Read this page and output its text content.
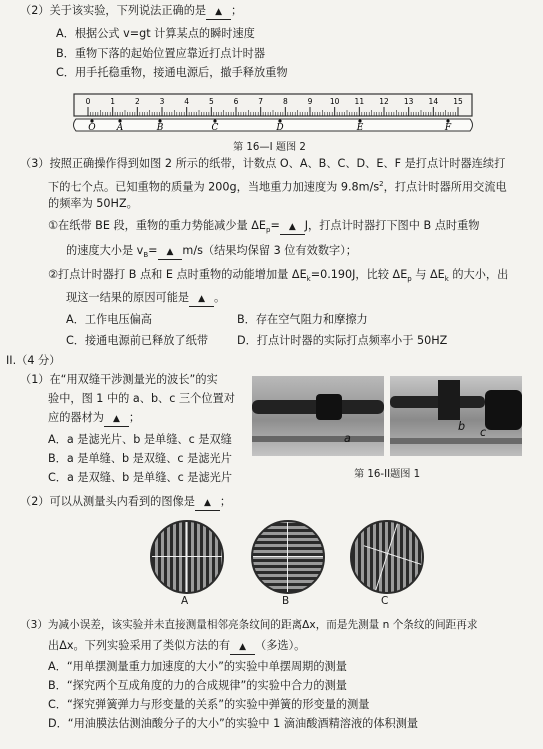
（2）关于该实验，下列说法正确的是 ▲ ；
A．根据公式 v=gt 计算某点的瞬时速度
B．重物下落的起始位置应靠近打点计时器
C．用手托稳重物，接通电源后，撤手释放重物
0	1	2	3	4	5	6	7	8	9 10 11 12 13 14 15
O A	B	C	D	E	F
第 16—I 题图 2
（3）按照正确操作得到如图 2 所示的纸带，计数点 O、A、B、C、D、E、F 是打点计时器连续打
下的七个点。已知重物的质量为 200g，当地重力加速度为 $9.8m/s^2$，打点计时器所用交流电
的频率为 50HZ。
①在纸带 BE 段，重物的重力势能减少量 $\Delta E_p=$ ▲ J，打点计时器打下图中 B 点时重物
的速度大小是 $v_B=$ ▲ m/s（结果均保留 3 位有效数字）；
②打点计时器打 B 点和 E 点时重物的动能增加量 $\Delta E_k=0.190J$，比较 $\Delta E_p$ 与 $\Delta E_k$ 的大小，出
现这一结果的原因可能是 ▲ 。
A．工作电压偏高	B．存在空气阻力和摩擦力
C．接通电源前已释放了纸带	D．打点计时器的实际打点频率小于 50HZ
II.（4 分）
（1）在“用双缝干涉测量光的波长”的实
验中，图 1 中的 a、b、c 三个位置对
应的器材为 ▲ ；
A．a 是滤光片、b 是单缝、c 是双缝
B．a 是单缝、b 是双缝、c 是滤光片
C．a 是双缝、b 是单缝、c 是滤光片
a
b c
第 16-II题图 1
（2）可以从测量头内看到的图像是 ▲ ；
A	B	C
（3）为减小误差，该实验并未直接测量相邻亮条纹间的距离Δx，而是先测量 n 个条纹的间距再求
出Δx。下列实验采用了类似方法的有 ▲ （多选）。
A．“用单摆测量重力加速度的大小”的实验中单摆周期的测量
B．“探究两个互成角度的力的合成规律”的实验中合力的测量
C．“探究弹簧弹力与形变量的关系”的实验中弹簧的形变量的测量
D．“用油膜法估测油酸分子的大小”的实验中 1 滴油酸酒精溶液的体积测量
